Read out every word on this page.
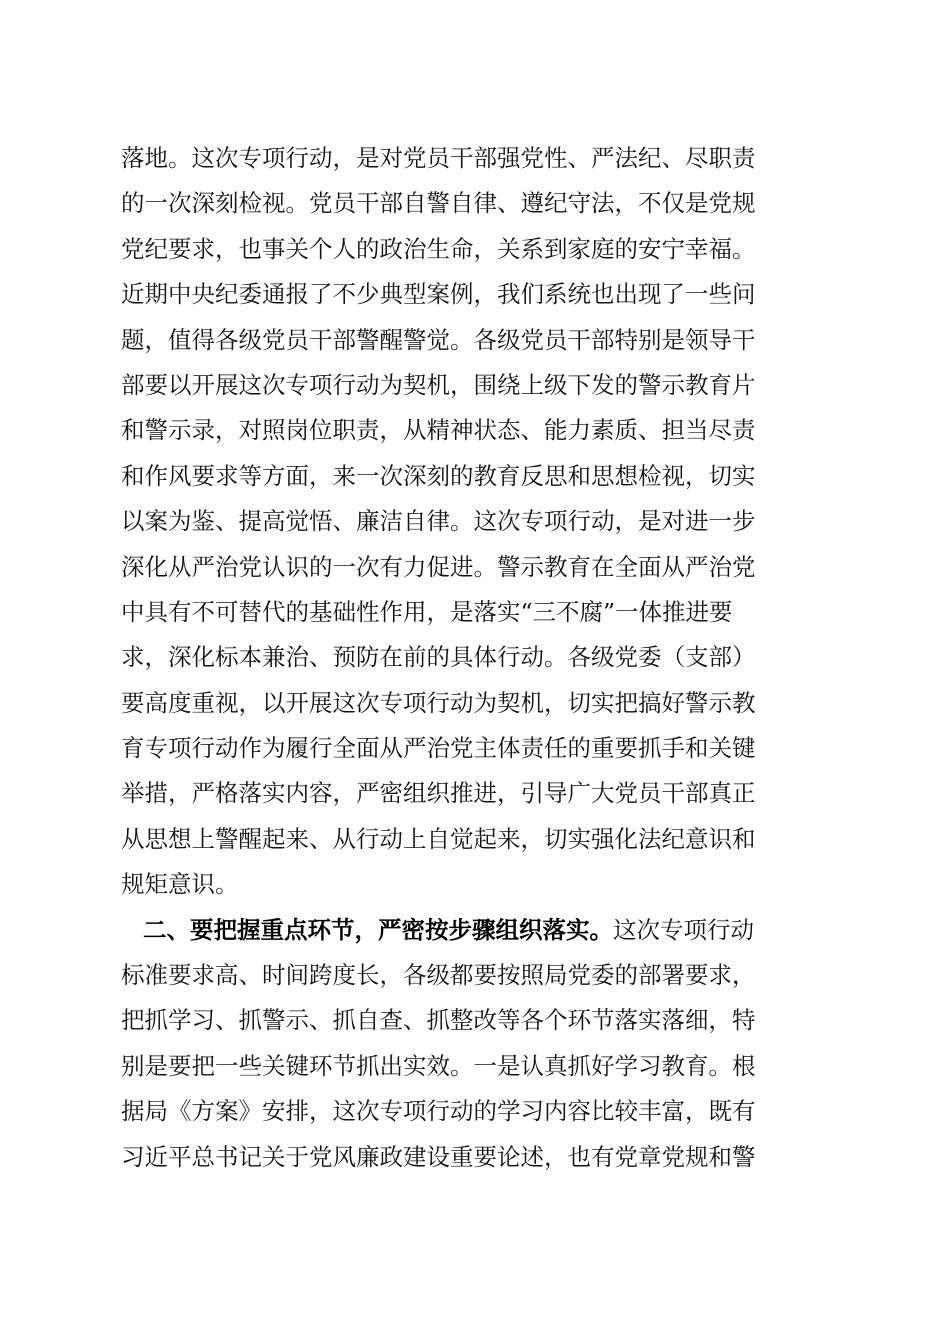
落地。这次专项行动，是对党员干部强党性、严法纪、尽职责
的一次深刻检视。党员干部自警自律、遵纪守法，不仅是党规
党纪要求，也事关个人的政治生命，关系到家庭的安宁幸福。
近期中央纪委通报了不少典型案例，我们系统也出现了一些问
题，值得各级党员干部警醒警觉。各级党员干部特别是领导干
部要以开展这次专项行动为契机，围绕上级下发的警示教育片
和警示录，对照岗位职责，从精神状态、能力素质、担当尽责
和作风要求等方面，来一次深刻的教育反思和思想检视，切实
以案为鉴、提高觉悟、廉洁自律。这次专项行动，是对进一步
深化从严治党认识的一次有力促进。警示教育在全面从严治党
中具有不可替代的基础性作用，是落实“三不腐”一体推进要
求，深化标本兼治、预防在前的具体行动。各级党委（支部）
要高度重视，以开展这次专项行动为契机，切实把搞好警示教
育专项行动作为履行全面从严治党主体责任的重要抓手和关键
举措，严格落实内容，严密组织推进，引导广大党员干部真正
从思想上警醒起来、从行动上自觉起来，切实强化法纪意识和
规矩意识。
二、要把握重点环节，严密按步骤组织落实。这次专项行动
标准要求高、时间跨度长，各级都要按照局党委的部署要求，
把抓学习、抓警示、抓自查、抓整改等各个环节落实落细，特
别是要把一些关键环节抓出实效。一是认真抓好学习教育。根
据局《方案》安排，这次专项行动的学习内容比较丰富，既有
习近平总书记关于党风廉政建设重要论述，也有党章党规和警
